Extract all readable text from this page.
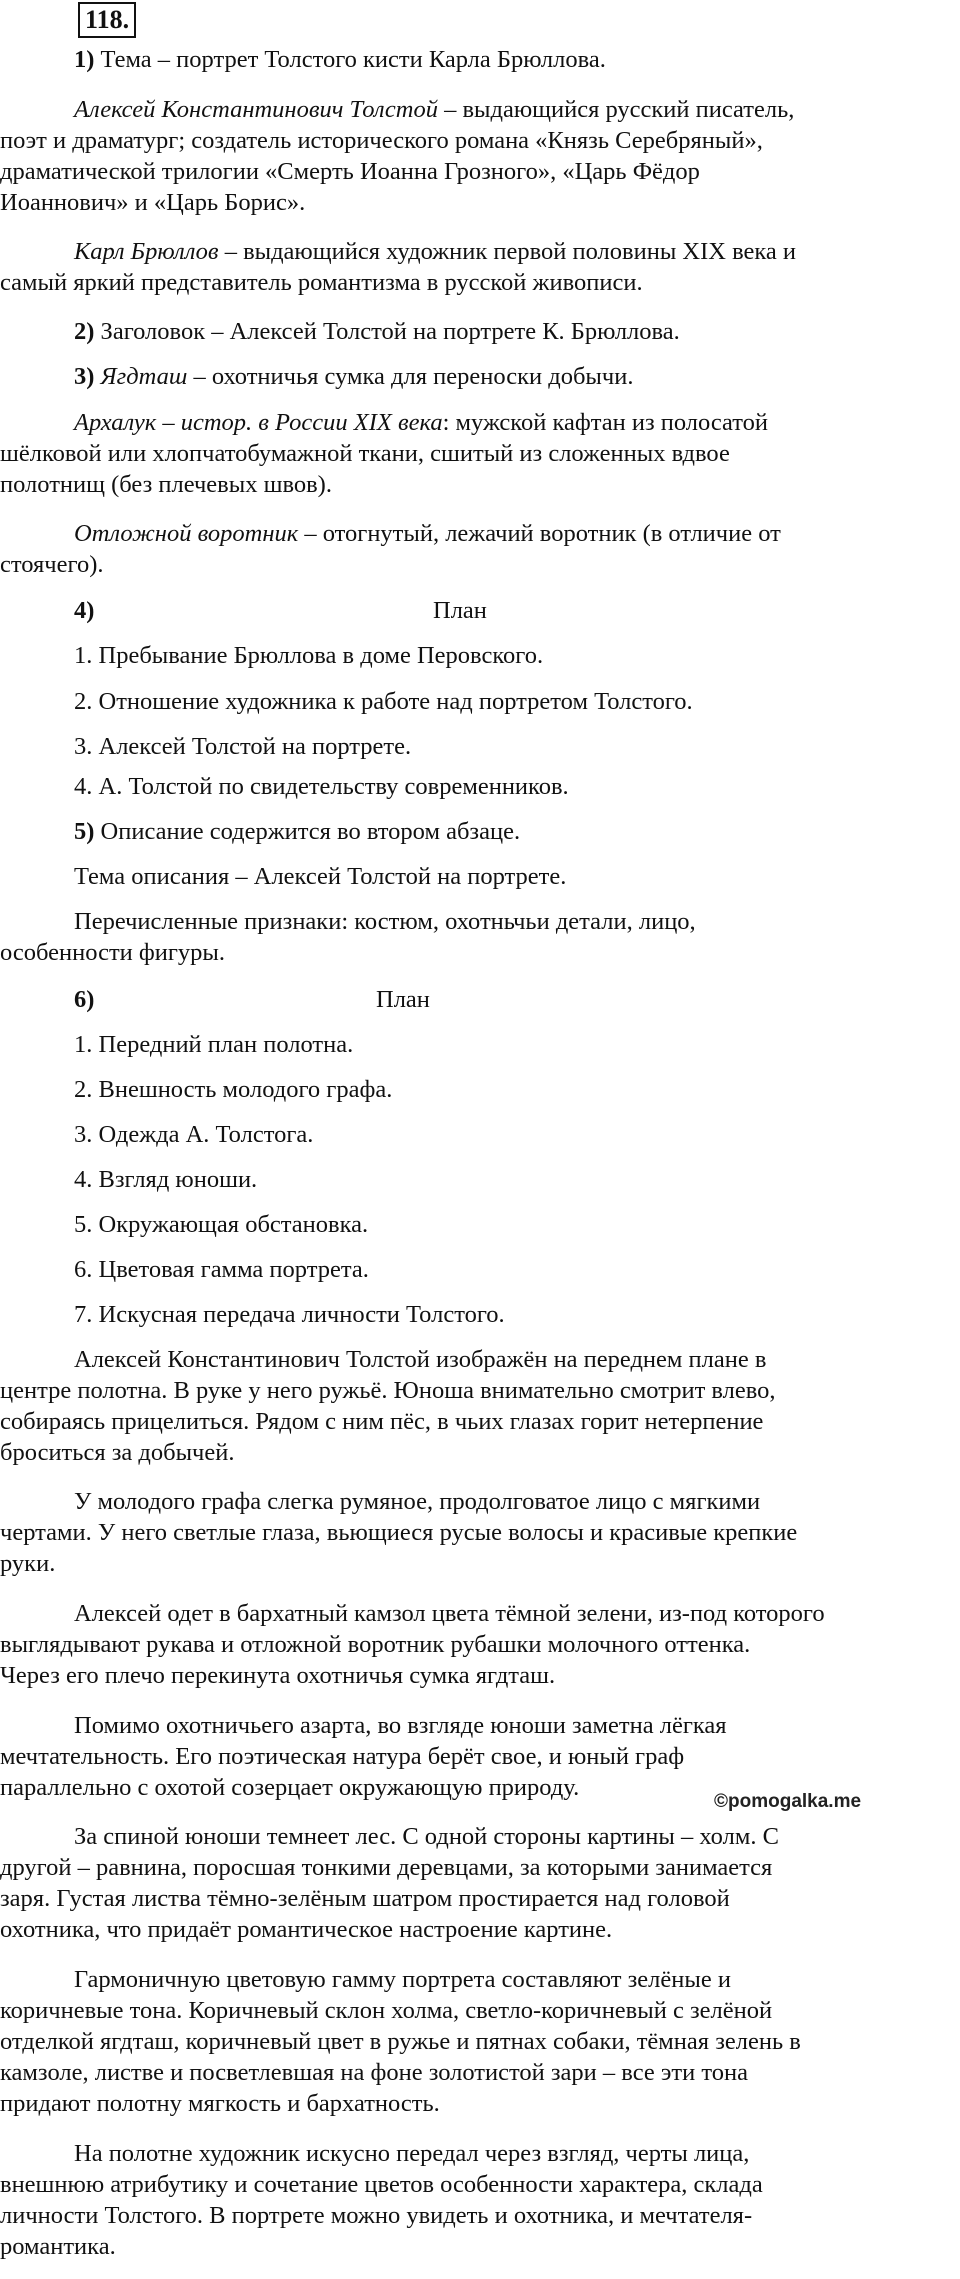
118.
1) Тема – портрет Толстого кисти Карла Брюллова.
Алексей Константинович Толстой – выдающийся русский писатель,
поэт и драматург; создатель исторического романа «Князь Серебряный»,
драматической трилогии «Смерть Иоанна Грозного», «Царь Фёдор
Иоаннович» и «Царь Борис».
Карл Брюллов – выдающийся художник первой половины XIX века и
самый яркий представитель романтизма в русской живописи.
2) Заголовок – Алексей Толстой на портрете К. Брюллова.
3) Ягдташ – охотничья сумка для переноски добычи.
Архалук – истор. в России XIX века: мужской кафтан из полосатой
шёлковой или хлопчатобумажной ткани, сшитый из сложенных вдвое
полотнищ (без плечевых швов).
Отложной воротник – отогнутый, лежачий воротник (в отличие от
стоячего).
4)	План
1. Пребывание Брюллова в доме Перовского.
2. Отношение художника к работе над портретом Толстого.
3. Алексей Толстой на портрете.
4. А. Толстой по свидетельству современников.
5) Описание содержится во втором абзаце.
Тема описания – Алексей Толстой на портрете.
Перечисленные признаки: костюм, охотньчьи детали, лицо,
особенности фигуры.
6)	План
1. Передний план полотна.
2. Внешность молодого графа.
3. Одежда А. Толстога.
4. Взгляд юноши.
5. Окружающая обстановка.
6. Цветовая гамма портрета.
7. Искусная передача личности Толстого.
Алексей Константинович Толстой изображён на переднем плане в
центре полотна. В руке у него ружьё. Юноша внимательно смотрит влево,
собираясь прицелиться. Рядом с ним пёс, в чьих глазах горит нетерпение
броситься за добычей.
У молодого графа слегка румяное, продолговатое лицо с мягкими
чертами. У него светлые глаза, вьющиеся русые волосы и красивые крепкие
руки.
Алексей одет в бархатный камзол цвета тёмной зелени, из-под которого
выглядывают рукава и отложной воротник рубашки молочного оттенка.
Через его плечо перекинута охотничья сумка ягдташ.
Помимо охотничьего азарта, во взгляде юноши заметна лёгкая
мечтательность. Его поэтическая натура берёт свое, и юный граф
параллельно с охотой созерцает окружающую природу.
©pomogalka.me
За спиной юноши темнеет лес. С одной стороны картины – холм. С
другой – равнина, поросшая тонкими деревцами, за которыми занимается
заря. Густая листва тёмно-зелёным шатром простирается над головой
охотника, что придаёт романтическое настроение картине.
Гармоничную цветовую гамму портрета составляют зелёные и
коричневые тона. Коричневый склон холма, светло-коричневый с зелёной
отделкой ягдташ, коричневый цвет в ружье и пятнах собаки, тёмная зелень в
камзоле, листве и посветлевшая на фоне золотистой зари – все эти тона
придают полотну мягкость и бархатность.
На полотне художник искусно передал через взгляд, черты лица,
внешнюю атрибутику и сочетание цветов особенности характера, склада
личности Толстого. В портрете можно увидеть и охотника, и мечтателя-
романтика.
